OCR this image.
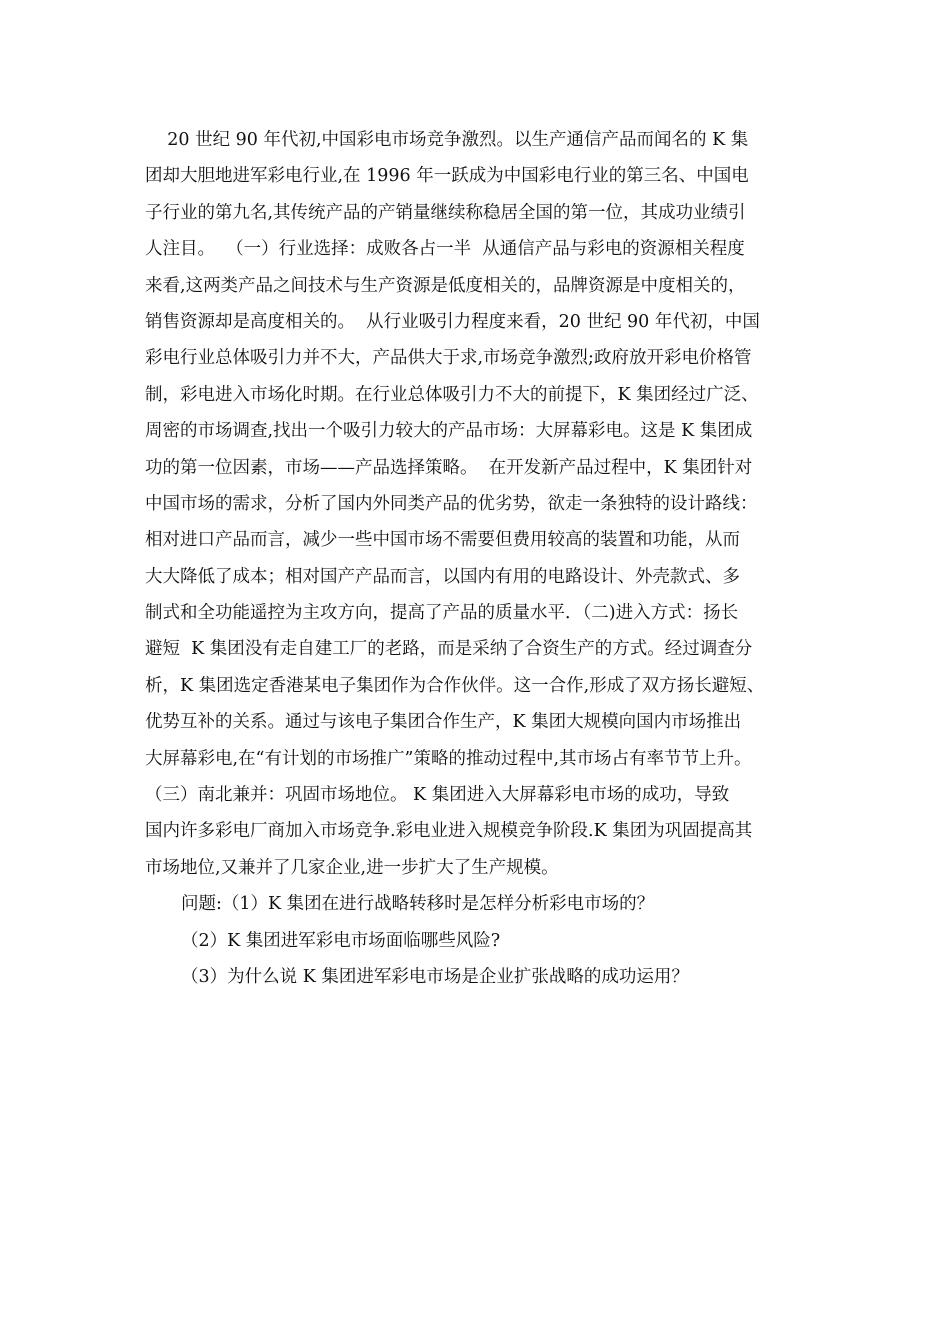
20 世纪 90 年代初,中国彩电市场竞争激烈。以生产通信产品而闻名的 K 集
团却大胆地进军彩电行业,在 1996 年一跃成为中国彩电行业的第三名、中国电
子行业的第九名,其传统产品的产销量继续称稳居全国的第一位，其成功业绩引
人注目。  （一）行业选择：成败各占一半  从通信产品与彩电的资源相关程度
来看,这两类产品之间技术与生产资源是低度相关的，品牌资源是中度相关的，
销售资源却是高度相关的。  从行业吸引力程度来看，20 世纪 90 年代初，中国
彩电行业总体吸引力并不大，产品供大于求,市场竞争激烈;政府放开彩电价格管
制，彩电进入市场化时期。在行业总体吸引力不大的前提下，K 集团经过广泛、
周密的市场调查,找出一个吸引力较大的产品市场：大屏幕彩电。这是 K 集团成
功的第一位因素，市场——产品选择策略。  在开发新产品过程中，K 集团针对
中国市场的需求，分析了国内外同类产品的优劣势，欲走一条独特的设计路线：
相对进口产品而言，减少一些中国市场不需要但费用较高的装置和功能，从而
大大降低了成本；相对国产产品而言，以国内有用的电路设计、外壳款式、多
制式和全功能遥控为主攻方向，提高了产品的质量水平．（二)进入方式：扬长
避短  K 集团没有走自建工厂的老路，而是采纳了合资生产的方式。经过调查分
析，K 集团选定香港某电子集团作为合作伙伴。这一合作,形成了双方扬长避短、
优势互补的关系。通过与该电子集团合作生产，K 集团大规模向国内市场推出
大屏幕彩电,在“有计划的市场推广”策略的推动过程中,其市场占有率节节上升。
（三）南北兼并：巩固市场地位。 K 集团进入大屏幕彩电市场的成功，导致
国内许多彩电厂商加入市场竞争.彩电业进入规模竞争阶段.K 集团为巩固提高其
市场地位,又兼并了几家企业,进一步扩大了生产规模。
问题:（1）K 集团在进行战略转移时是怎样分析彩电市场的？
（2）K 集团进军彩电市场面临哪些风险?
（3）为什么说 K 集团进军彩电市场是企业扩张战略的成功运用？
